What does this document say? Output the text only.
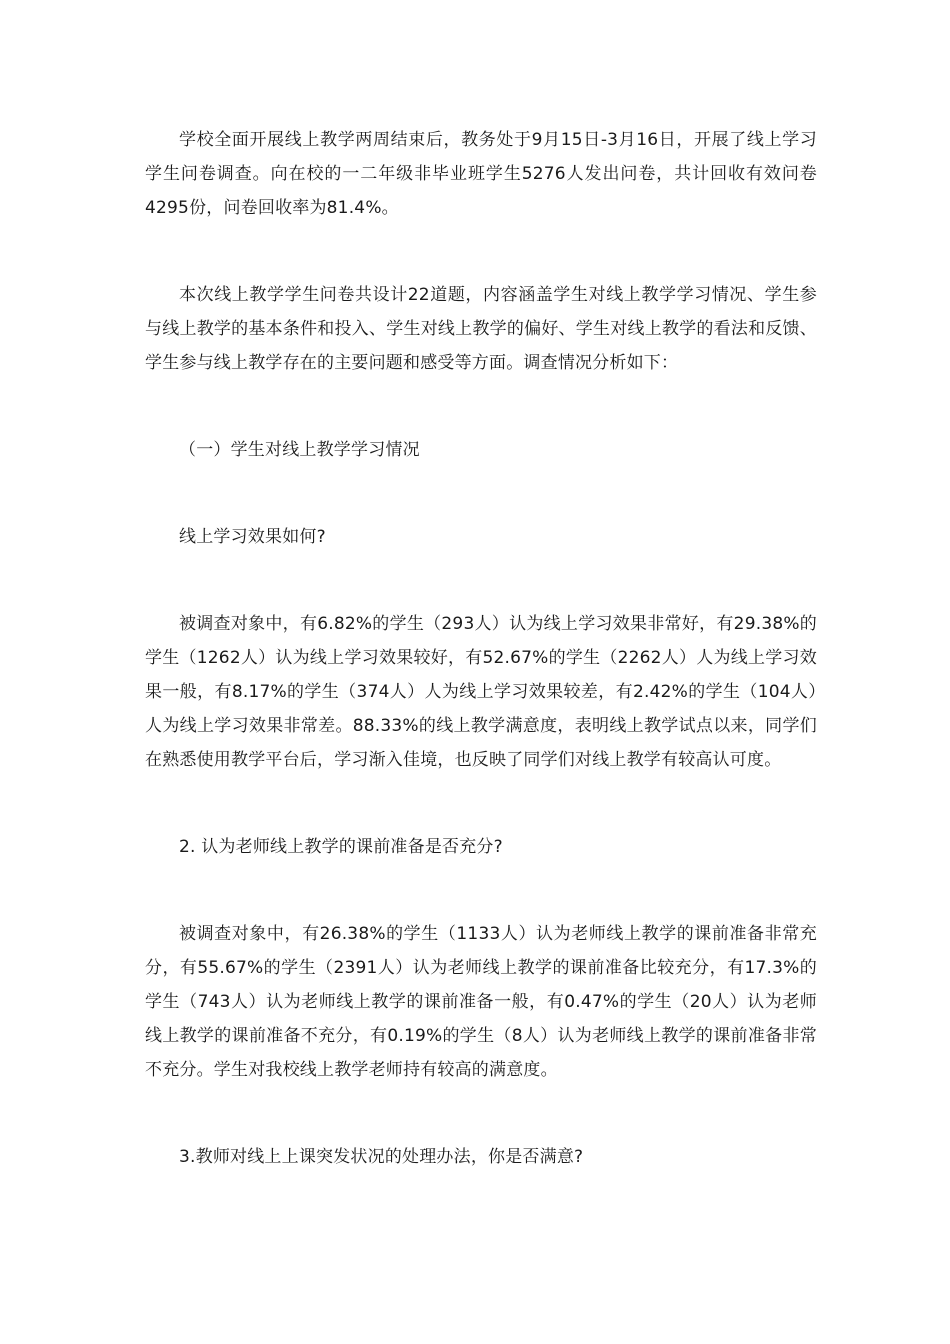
学校全面开展线上教学两周结束后，教务处于9月15日-3月16日，开展了线上学习学生问卷调查。向在校的一二年级非毕业班学生5276人发出问卷，共计回收有效问卷4295份，问卷回收率为81.4%。

本次线上教学学生问卷共设计22道题，内容涵盖学生对线上教学学习情况、学生参与线上教学的基本条件和投入、学生对线上教学的偏好、学生对线上教学的看法和反馈、学生参与线上教学存在的主要问题和感受等方面。调查情况分析如下：

（一）学生对线上教学学习情况

线上学习效果如何?

被调查对象中，有6.82%的学生（293人）认为线上学习效果非常好，有29.38%的学生（1262人）认为线上学习效果较好，有52.67%的学生（2262人）人为线上学习效果一般，有8.17%的学生（374人）人为线上学习效果较差，有2.42%的学生（104人）人为线上学习效果非常差。88.33%的线上教学满意度，表明线上教学试点以来，同学们在熟悉使用教学平台后，学习渐入佳境，也反映了同学们对线上教学有较高认可度。

2. 认为老师线上教学的课前准备是否充分?

被调查对象中，有26.38%的学生（1133人）认为老师线上教学的课前准备非常充分，有55.67%的学生（2391人）认为老师线上教学的课前准备比较充分，有17.3%的学生（743人）认为老师线上教学的课前准备一般，有0.47%的学生（20人）认为老师线上教学的课前准备不充分，有0.19%的学生（8人）认为老师线上教学的课前准备非常不充分。学生对我校线上教学老师持有较高的满意度。

3.教师对线上上课突发状况的处理办法，你是否满意?
